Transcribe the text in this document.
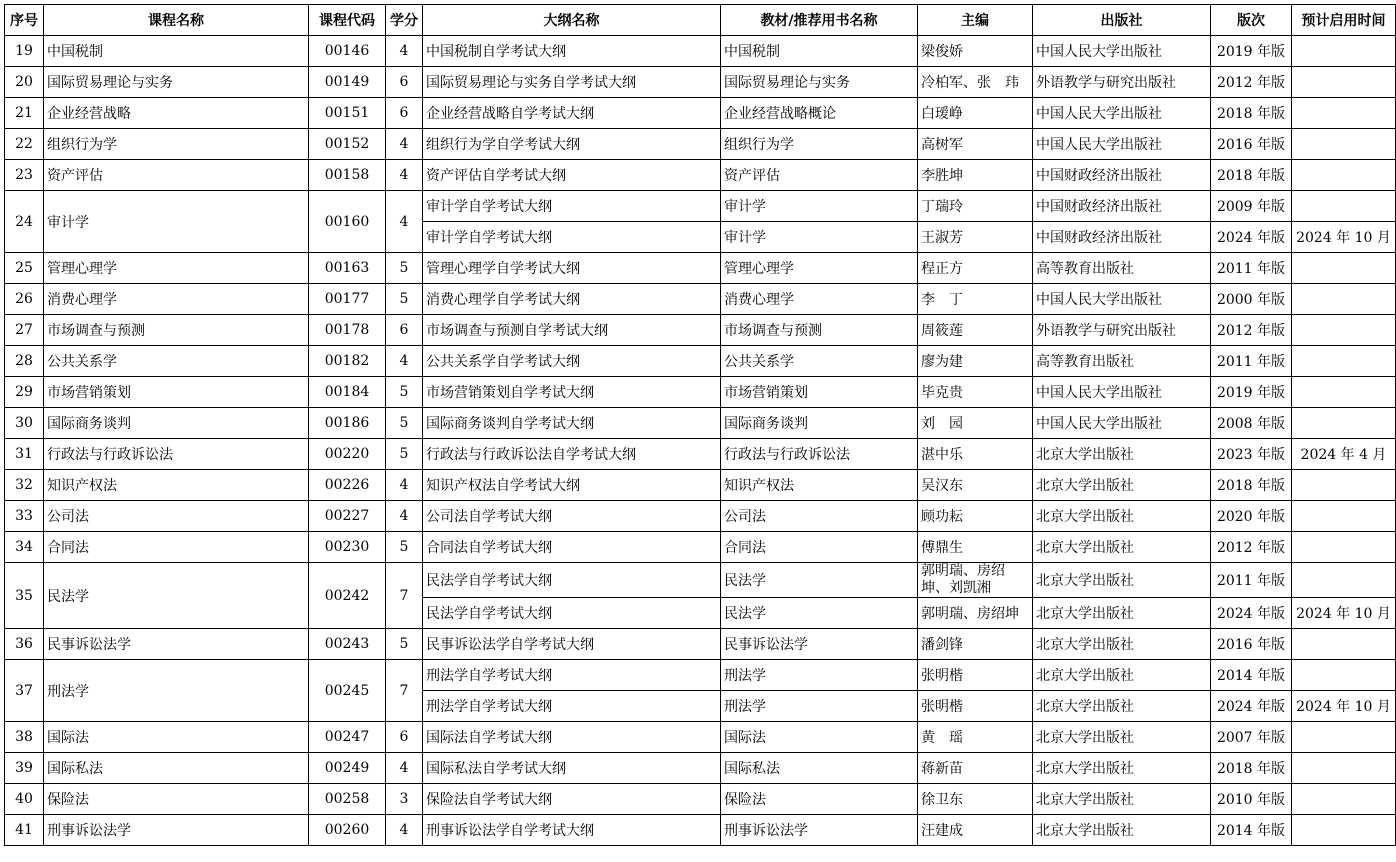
序号	课程名称	课程代码	学分	大纲名称	教材/推荐用书名称	主编	出版社	版次	预计启用时间
19	中国税制	00146	4	中国税制自学考试大纲	中国税制	梁俊娇	中国人民大学出版社	2019 年版	
20	国际贸易理论与实务	00149	6	国际贸易理论与实务自学考试大纲	国际贸易理论与实务	冷柏军、张　玮	外语教学与研究出版社	2012 年版	
21	企业经营战略	00151	6	企业经营战略自学考试大纲	企业经营战略概论	白瑷峥	中国人民大学出版社	2018 年版	
22	组织行为学	00152	4	组织行为学自学考试大纲	组织行为学	高树军	中国人民大学出版社	2016 年版	
23	资产评估	00158	4	资产评估自学考试大纲	资产评估	李胜坤	中国财政经济出版社	2018 年版	
24	审计学	00160	4	审计学自学考试大纲	审计学	丁瑞玲	中国财政经济出版社	2009 年版	
				审计学自学考试大纲	审计学	王淑芳	中国财政经济出版社	2024 年版	2024 年 10 月
25	管理心理学	00163	5	管理心理学自学考试大纲	管理心理学	程正方	高等教育出版社	2011 年版	
26	消费心理学	00177	5	消费心理学自学考试大纲	消费心理学	李　丁	中国人民大学出版社	2000 年版	
27	市场调查与预测	00178	6	市场调查与预测自学考试大纲	市场调查与预测	周筱莲	外语教学与研究出版社	2012 年版	
28	公共关系学	00182	4	公共关系学自学考试大纲	公共关系学	廖为建	高等教育出版社	2011 年版	
29	市场营销策划	00184	5	市场营销策划自学考试大纲	市场营销策划	毕克贵	中国人民大学出版社	2019 年版	
30	国际商务谈判	00186	5	国际商务谈判自学考试大纲	国际商务谈判	刘　园	中国人民大学出版社	2008 年版	
31	行政法与行政诉讼法	00220	5	行政法与行政诉讼法自学考试大纲	行政法与行政诉讼法	湛中乐	北京大学出版社	2023 年版	2024 年 4 月
32	知识产权法	00226	4	知识产权法自学考试大纲	知识产权法	吴汉东	北京大学出版社	2018 年版	
33	公司法	00227	4	公司法自学考试大纲	公司法	顾功耘	北京大学出版社	2020 年版	
34	合同法	00230	5	合同法自学考试大纲	合同法	傅鼎生	北京大学出版社	2012 年版	
35	民法学	00242	7	民法学自学考试大纲	民法学	郭明瑞、房绍坤、刘凯湘	北京大学出版社	2011 年版	
				民法学自学考试大纲	民法学	郭明瑞、房绍坤	北京大学出版社	2024 年版	2024 年 10 月
36	民事诉讼法学	00243	5	民事诉讼法学自学考试大纲	民事诉讼法学	潘剑锋	北京大学出版社	2016 年版	
37	刑法学	00245	7	刑法学自学考试大纲	刑法学	张明楷	北京大学出版社	2014 年版	
				刑法学自学考试大纲	刑法学	张明楷	北京大学出版社	2024 年版	2024 年 10 月
38	国际法	00247	6	国际法自学考试大纲	国际法	黄　瑶	北京大学出版社	2007 年版	
39	国际私法	00249	4	国际私法自学考试大纲	国际私法	蒋新苗	北京大学出版社	2018 年版	
40	保险法	00258	3	保险法自学考试大纲	保险法	徐卫东	北京大学出版社	2010 年版	
41	刑事诉讼法学	00260	4	刑事诉讼法学自学考试大纲	刑事诉讼法学	汪建成	北京大学出版社	2014 年版	
